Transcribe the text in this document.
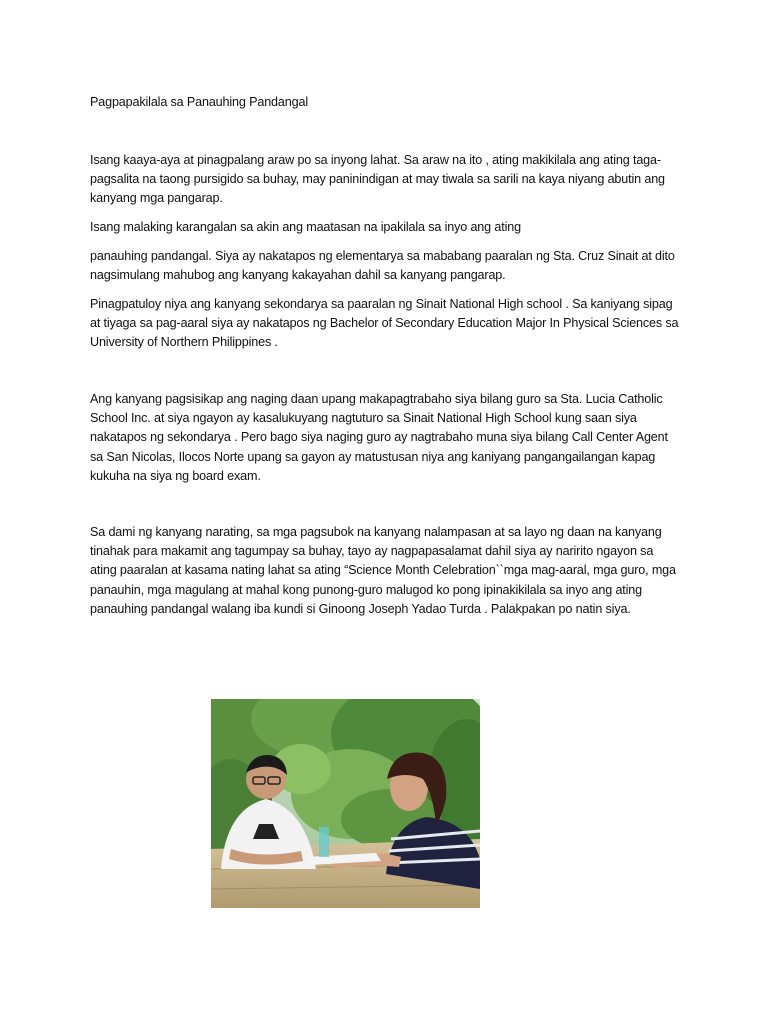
Pagpapakilala sa Panauhing Pandangal

Isang kaaya-aya at pinagpalang araw po sa inyong lahat. Sa araw na ito , ating makikilala ang ating taga-pagsalita na taong pursigido sa buhay, may paninindigan at may tiwala sa sarili na kaya niyang abutin ang kanyang mga pangarap.

Isang malaking karangalan sa akin ang maatasan na ipakilala sa inyo ang ating

panauhing pandangal. Siya ay nakatapos ng elementarya sa mababang paaralan ng Sta. Cruz Sinait at dito nagsimulang mahubog ang kanyang kakayahan dahil sa kanyang pangarap.

Pinagpatuloy niya ang kanyang sekondarya sa paaralan ng Sinait National High school . Sa kaniyang sipag at tiyaga sa pag-aaral siya ay nakatapos ng Bachelor of Secondary Education Major In Physical Sciences sa University of Northern Philippines .

Ang kanyang pagsisikap ang naging daan upang makapagtrabaho siya bilang guro sa Sta. Lucia Catholic School Inc. at siya ngayon ay kasalukuyang nagtuturo sa Sinait National High School kung saan siya nakatapos ng sekondarya . Pero bago siya naging guro ay nagtrabaho muna siya bilang Call Center Agent sa San Nicolas, Ilocos Norte upang sa gayon ay matustusan niya ang kaniyang pangangailangan kapag kukuha na siya ng board exam.

Sa dami ng kanyang narating, sa mga pagsubok na kanyang nalampasan at sa layo ng daan na kanyang tinahak para makamit ang tagumpay sa buhay, tayo ay nagpapasalamat dahil siya ay naririto ngayon sa ating paaralan at kasama nating lahat sa ating “Science Month Celebration``mga mag-aaral, mga guro, mga panauhin, mga magulang at mahal kong punong-guro malugod ko pong ipinakikilala sa inyo ang ating panauhing pandangal walang iba kundi si Ginoong Joseph Yadao Turda . Palakpakan po natin siya.
